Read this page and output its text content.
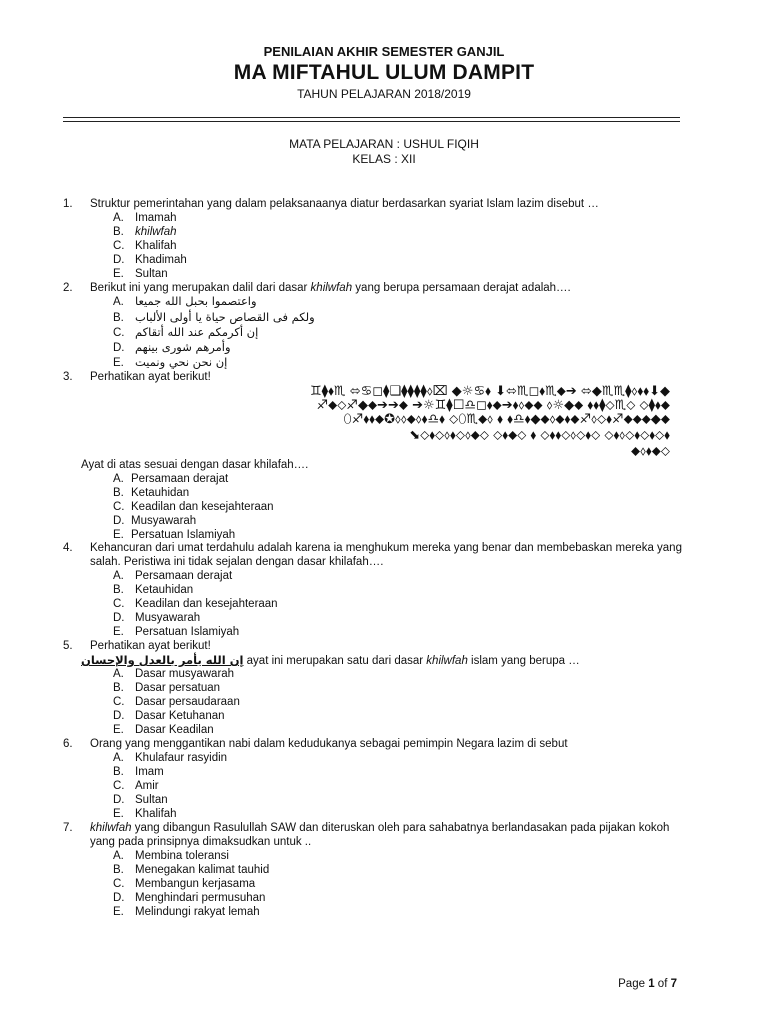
PENILAIAN AKHIR SEMESTER GANJIL
MA MIFTAHUL ULUM DAMPIT
TAHUN PELAJARAN 2018/2019
MATA PELAJARAN : USHUL FIQIH
KELAS : XII
1. Struktur pemerintahan yang dalam pelaksanaanya diatur berdasarkan syariat Islam lazim disebut …
A. Imamah
B. khilwfah
C. Khalifah
D. Khadimah
E. Sultan
2. Berikut ini yang merupakan dalil dari dasar khilwfah yang berupa persamaan derajat adalah….
A. واعتصموا بحبل الله جميعا
B. ولكم فى القصاص حياة يا أولى الألباب
C. إن أكرمكم عند الله أتقاكم
D. وأمرهم شورى بينهم
E. إن نحن نحي ونميت
3. Perhatikan ayat berikut!
♊︎⧫⬧♏︎ ⬄♋︎◻︎⧫︎❑⧫︎⧫︎⧫︎⧫︎⬨⌧ ◆☼♋︎⬧ ⬇︎⬄♏︎◻︎⬧♏︎⬥︎➔ ⬄◆♏︎♏︎⧫︎⬨⬧⬧⬇︎◆
♐︎⬥︎⬦♐︎◆⬥︎➔➔⬥ ➔☼♊︎⧫︎☐♎︎◻︎⬧⬥︎➔⬧⬨⬥⬥ ⬨☼◆⬥ ⬧⬧⧫︎⬦♏︎⬦ ⬦⧫︎⬧⬥
⬯♐︎⬧⬧⬥✪⬨⬨⬥⬨⬧♎︎⬧ ⬦⬯♏︎⬥⬨ ⬧ ⬧♎︎⬧◆⬥⬨⬥⬧⬥♐︎⬨⬦⬧♐︎⬥⬥⬥◆⬥
⬊⬦⬧⬦⬨⬧⬦⬨⬥⬦ ⬦⬧⬥⬦ ⬧ ⬦⬧⬧⬦⬨⬦⬧⬦ ⬦⬧⬨⬦⬧⬦⬧⬦⬧
⬥⬨⬧⬥⬦
Ayat di atas sesuai dengan dasar khilafah….
A. Persamaan derajat
B. Ketauhidan
C. Keadilan dan kesejahteraan
D. Musyawarah
E. Persatuan Islamiyah
4. Kehancuran dari umat terdahulu adalah karena ia menghukum mereka yang benar dan membebaskan mereka yang
salah. Peristiwa ini tidak sejalan dengan dasar khilafah….
A. Persamaan derajat
B. Ketauhidan
C. Keadilan dan kesejahteraan
D. Musyawarah
E. Persatuan Islamiyah
5. Perhatikan ayat berikut!
إن الله يأمر بالعدل والإحسان ayat ini merupakan satu dari dasar khilwfah islam yang berupa …
A. Dasar musyawarah
B. Dasar persatuan
C. Dasar persaudaraan
D. Dasar Ketuhanan
E. Dasar Keadilan
6. Orang yang menggantikan nabi dalam kedudukanya sebagai pemimpin Negara lazim di sebut
A. Khulafaur rasyidin
B. Imam
C. Amir
D. Sultan
E. Khalifah
7. khilwfah yang dibangun Rasulullah SAW dan diteruskan oleh para sahabatnya berlandasakan pada pijakan kokoh
yang pada prinsipnya dimaksudkan untuk ..
A. Membina toleransi
B. Menegakan kalimat tauhid
C. Membangun kerjasama
D. Menghindari permusuhan
E. Melindungi rakyat lemah
Page 1 of 7
